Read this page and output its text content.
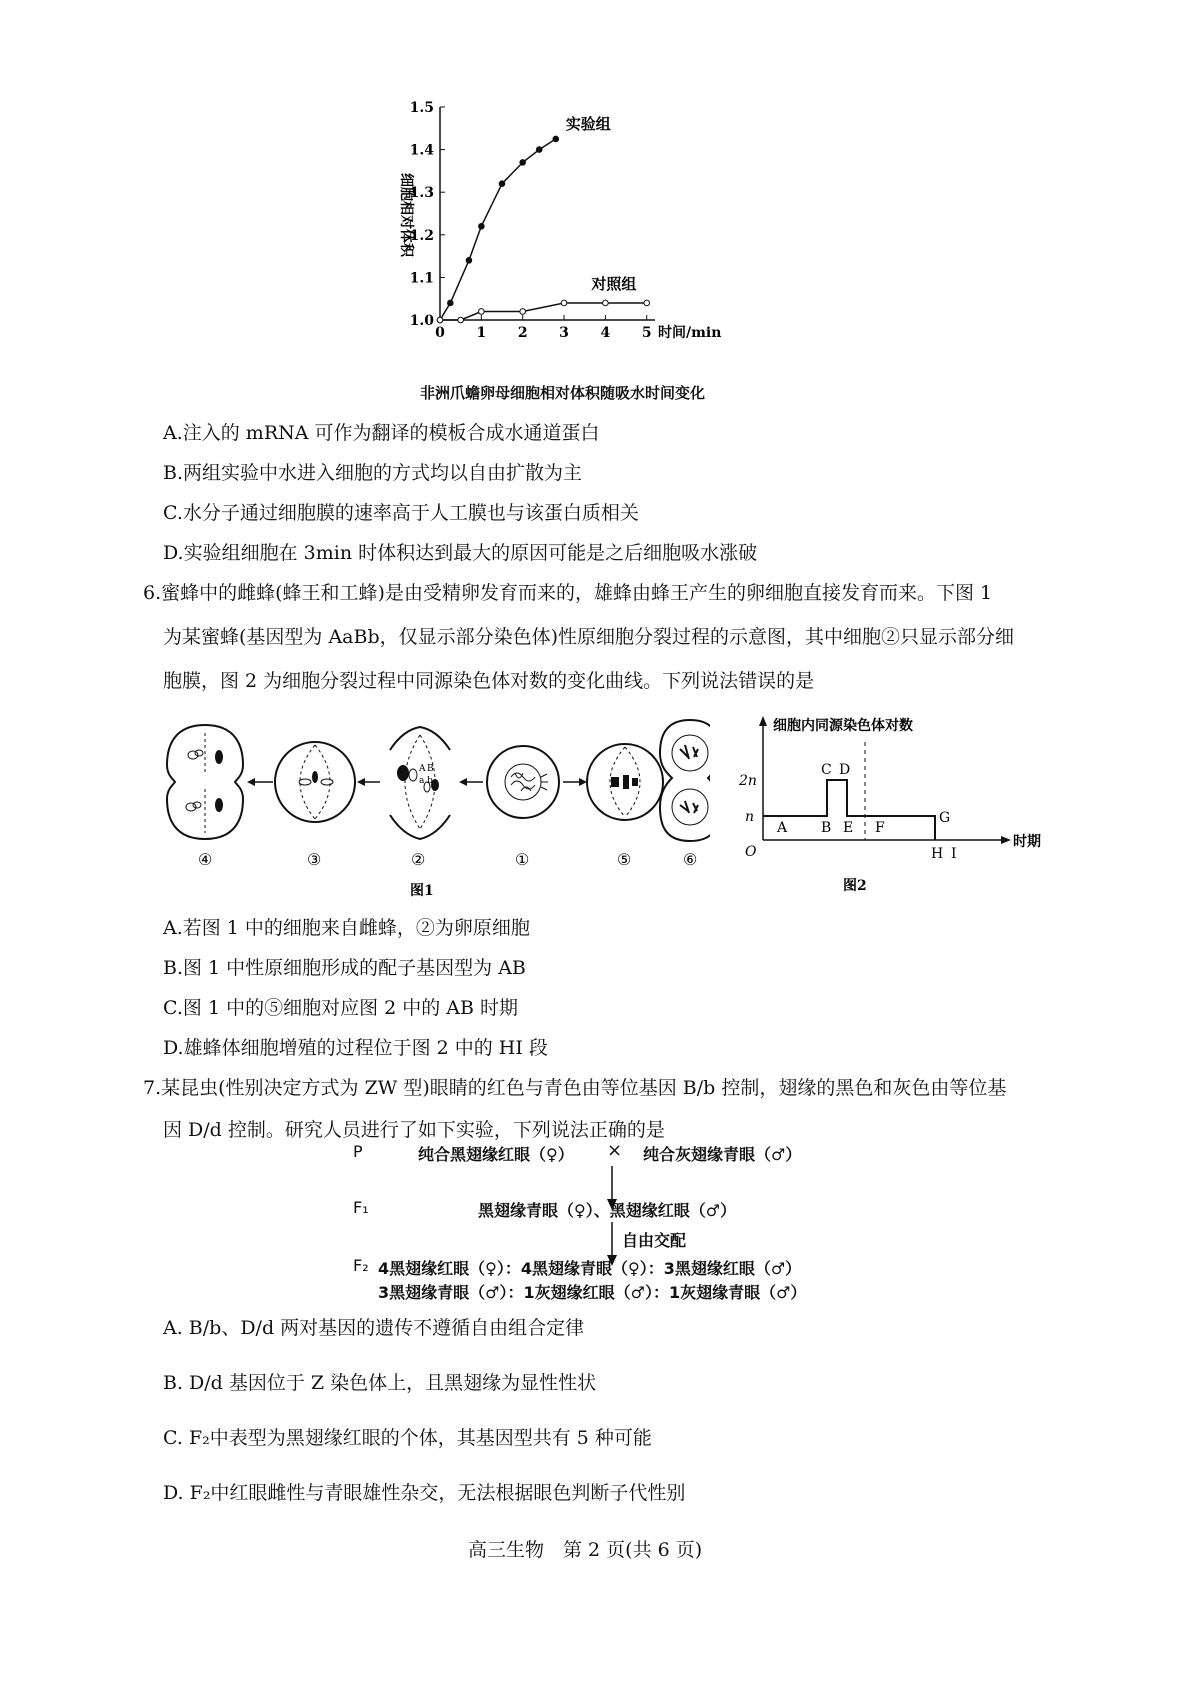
1.0
1.1
1.2
1.3
1.4
1.5
0 1 2 3 4 5 时间/min
细胞相对体积
实验组
对照组
非洲爪蟾卵母细胞相对体积随吸水时间变化
A.注入的 mRNA 可作为翻译的模板合成水通道蛋白
B.两组实验中水进入细胞的方式均以自由扩散为主
C.水分子通过细胞膜的速率高于人工膜也与该蛋白质相关
D.实验组细胞在 3min 时体积达到最大的原因可能是之后细胞吸水涨破
6.蜜蜂中的雌蜂(蜂王和工蜂)是由受精卵发育而来的，雄蜂由蜂王产生的卵细胞直接发育而来。下图 1
为某蜜蜂(基因型为 AaBb，仅显示部分染色体)性原细胞分裂过程的示意图，其中细胞②只显示部分细
胞膜，图 2 为细胞分裂过程中同源染色体对数的变化曲线。下列说法错误的是
A B
a b
④	③	②	①	⑤	⑥
图1
细胞内同源染色体对数
时期
2n
n
O
A B
C D
E F
G
H I
图2
A.若图 1 中的细胞来自雌蜂，②为卵原细胞
B.图 1 中性原细胞形成的配子基因型为 AB
C.图 1 中的⑤细胞对应图 2 中的 AB 时期
D.雄蜂体细胞增殖的过程位于图 2 中的 HI 段
7.某昆虫(性别决定方式为 ZW 型)眼睛的红色与青色由等位基因 B/b 控制，翅缘的黑色和灰色由等位基
因 D/d 控制。研究人员进行了如下实验，下列说法正确的是
P	纯合黑翅缘红眼（♀） × 纯合灰翅缘青眼（♂）
F₁	黑翅缘青眼（♀）、黑翅缘红眼（♂）
自由交配
F₂ 4黑翅缘红眼（♀）：4黑翅缘青眼（♀）：3黑翅缘红眼（♂）
3黑翅缘青眼（♂）：1灰翅缘红眼（♂）：1灰翅缘青眼（♂）
A. B/b、D/d 两对基因的遗传不遵循自由组合定律
B. D/d 基因位于 Z 染色体上，且黑翅缘为显性性状
C. F₂中表型为黑翅缘红眼的个体，其基因型共有 5 种可能
D. F₂中红眼雌性与青眼雄性杂交，无法根据眼色判断子代性别
高三生物　第 2 页(共 6 页)
